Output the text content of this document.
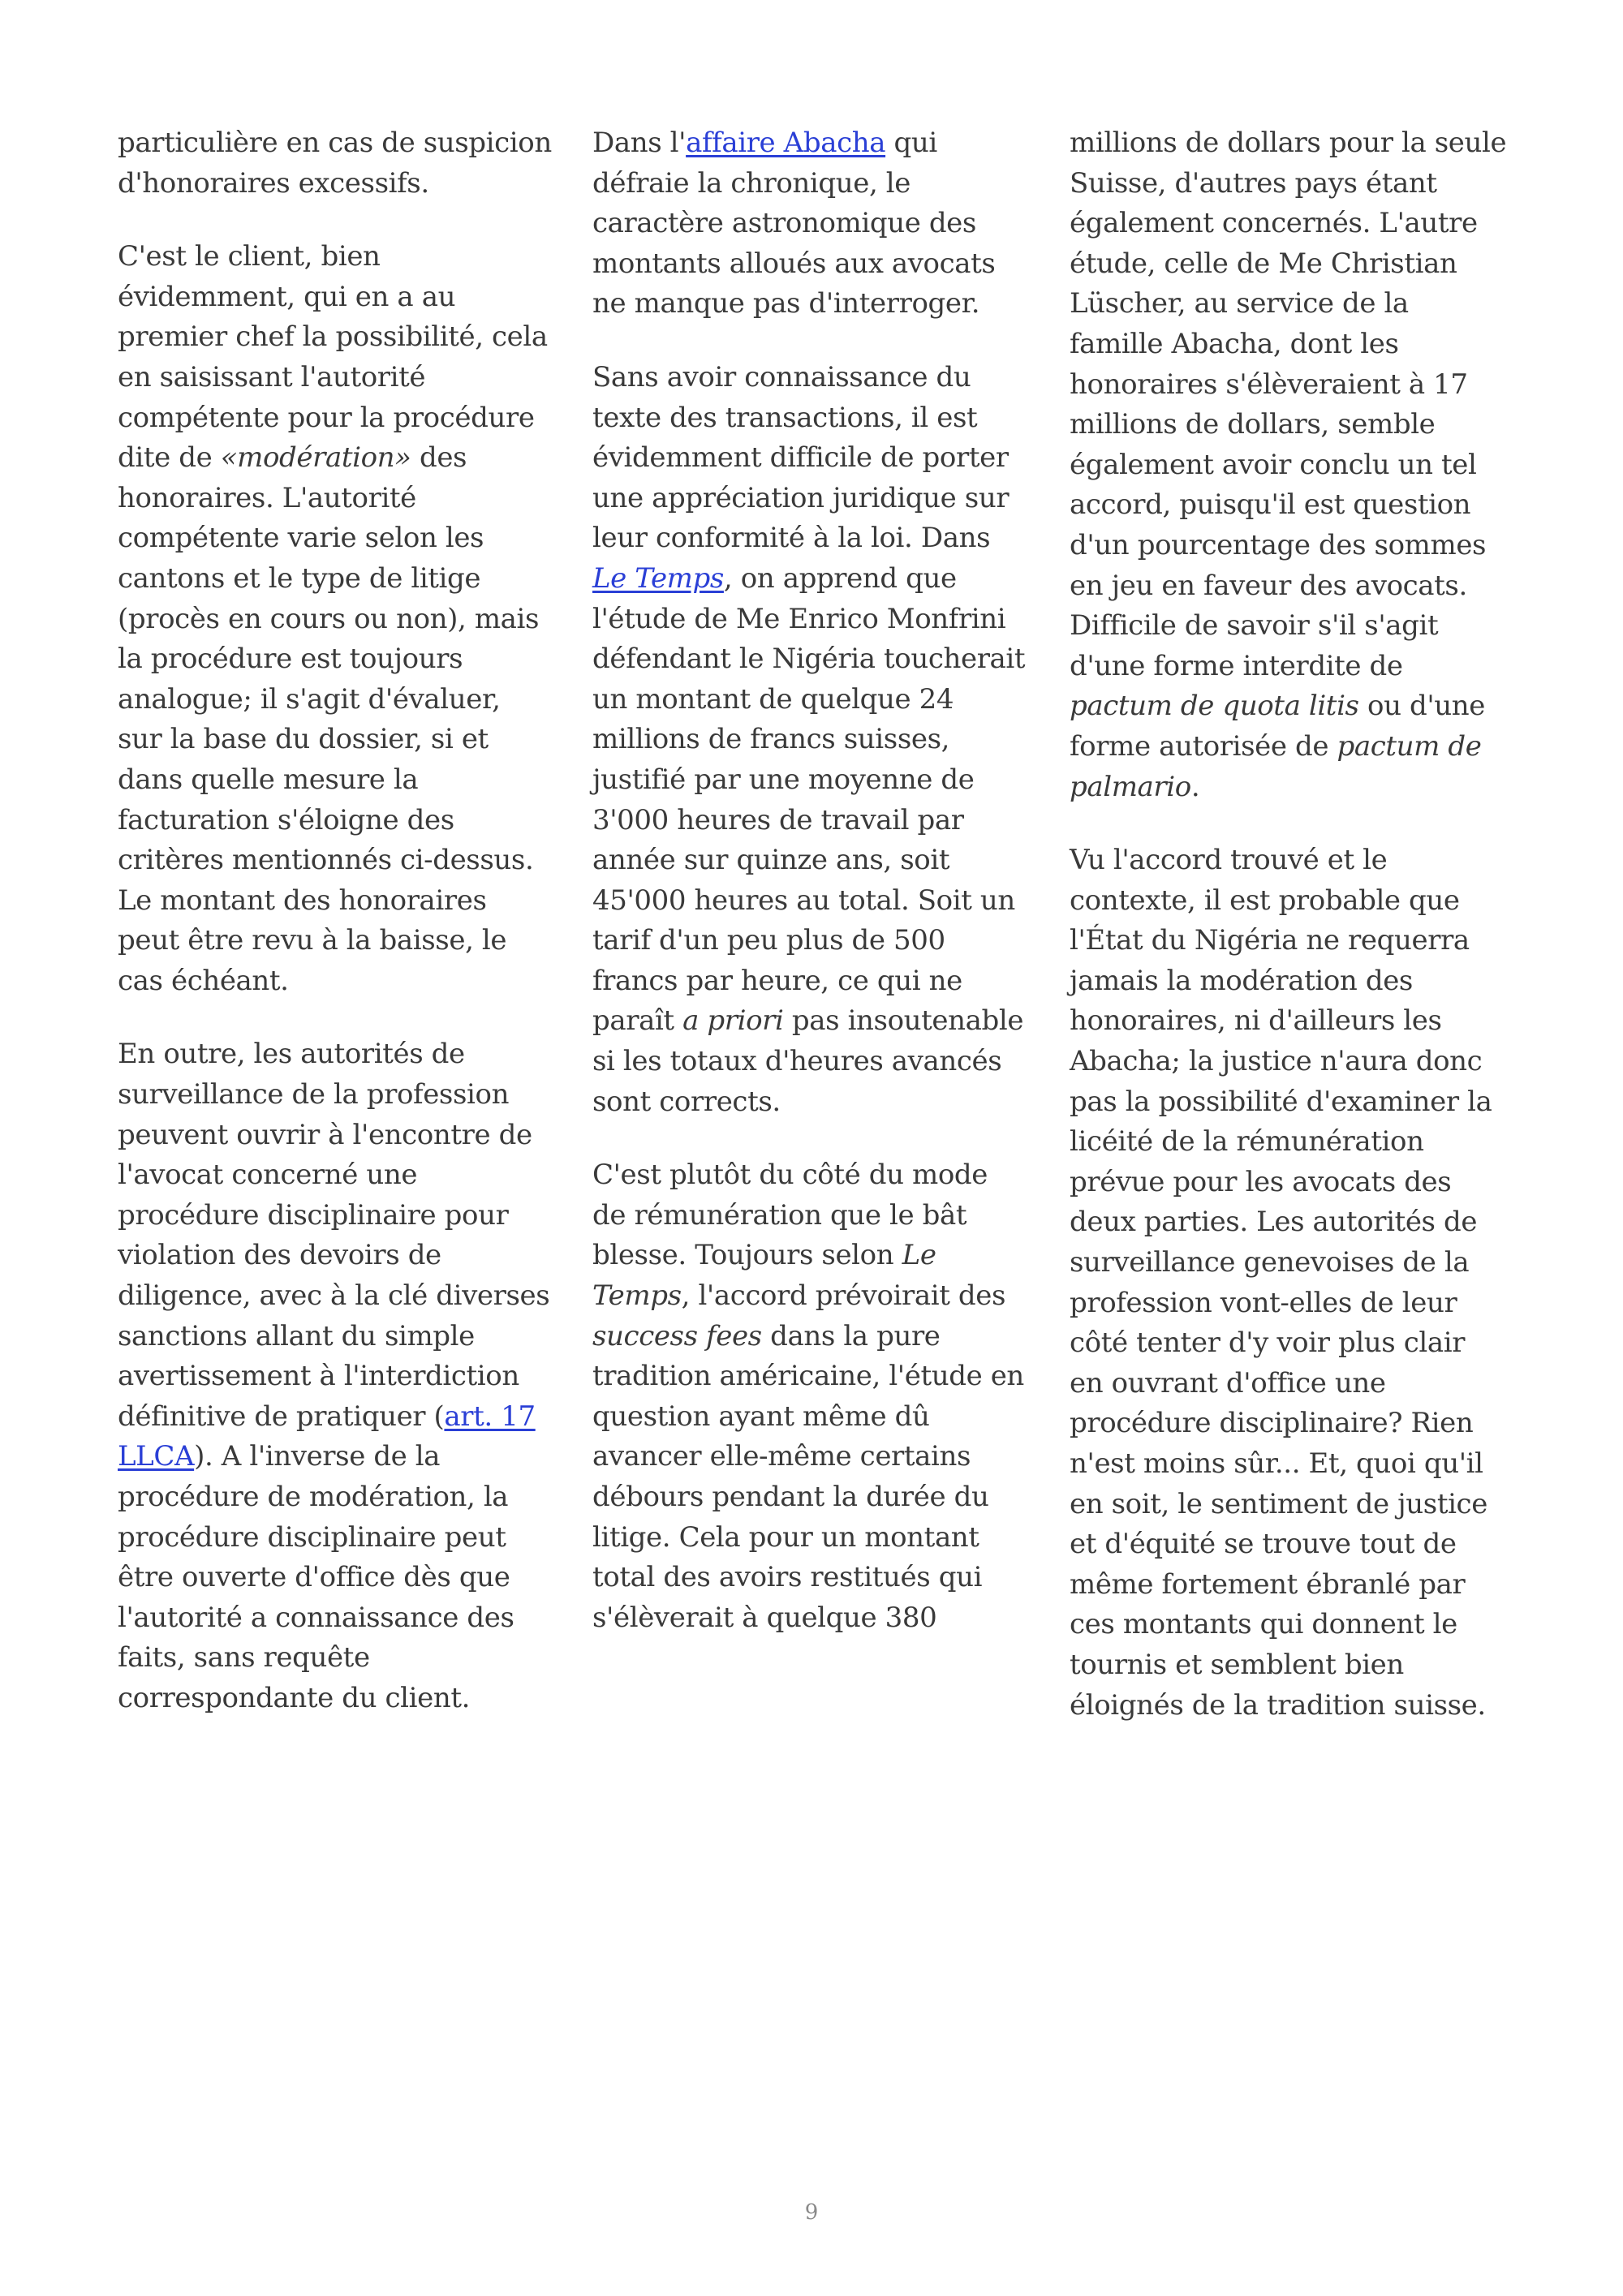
particulière en cas de suspicion
d'honoraires excessifs.

C'est le client, bien
évidemment, qui en a au
premier chef la possibilité, cela
en saisissant l'autorité
compétente pour la procédure
dite de «modération» des
honoraires. L'autorité
compétente varie selon les
cantons et le type de litige
(procès en cours ou non), mais
la procédure est toujours
analogue; il s'agit d'évaluer,
sur la base du dossier, si et
dans quelle mesure la
facturation s'éloigne des
critères mentionnés ci-dessus.
Le montant des honoraires
peut être revu à la baisse, le
cas échéant.

En outre, les autorités de
surveillance de la profession
peuvent ouvrir à l'encontre de
l'avocat concerné une
procédure disciplinaire pour
violation des devoirs de
diligence, avec à la clé diverses
sanctions allant du simple
avertissement à l'interdiction
définitive de pratiquer (art. 17
LLCA). A l'inverse de la
procédure de modération, la
procédure disciplinaire peut
être ouverte d'office dès que
l'autorité a connaissance des
faits, sans requête
correspondante du client.

Dans l'affaire Abacha qui
défraie la chronique, le
caractère astronomique des
montants alloués aux avocats
ne manque pas d'interroger.

Sans avoir connaissance du
texte des transactions, il est
évidemment difficile de porter
une appréciation juridique sur
leur conformité à la loi. Dans
Le Temps, on apprend que
l'étude de Me Enrico Monfrini
défendant le Nigéria toucherait
un montant de quelque 24
millions de francs suisses,
justifié par une moyenne de
3'000 heures de travail par
année sur quinze ans, soit
45'000 heures au total. Soit un
tarif d'un peu plus de 500
francs par heure, ce qui ne
paraît a priori pas insoutenable
si les totaux d'heures avancés
sont corrects.

C'est plutôt du côté du mode
de rémunération que le bât
blesse. Toujours selon Le
Temps, l'accord prévoirait des
success fees dans la pure
tradition américaine, l'étude en
question ayant même dû
avancer elle-même certains
débours pendant la durée du
litige. Cela pour un montant
total des avoirs restitués qui
s'élèverait à quelque 380

millions de dollars pour la seule
Suisse, d'autres pays étant
également concernés. L'autre
étude, celle de Me Christian
Lüscher, au service de la
famille Abacha, dont les
honoraires s'élèveraient à 17
millions de dollars, semble
également avoir conclu un tel
accord, puisqu'il est question
d'un pourcentage des sommes
en jeu en faveur des avocats.
Difficile de savoir s'il s'agit
d'une forme interdite de
pactum de quota litis ou d'une
forme autorisée de pactum de
palmario.

Vu l'accord trouvé et le
contexte, il est probable que
l'État du Nigéria ne requerra
jamais la modération des
honoraires, ni d'ailleurs les
Abacha; la justice n'aura donc
pas la possibilité d'examiner la
licéité de la rémunération
prévue pour les avocats des
deux parties. Les autorités de
surveillance genevoises de la
profession vont-elles de leur
côté tenter d'y voir plus clair
en ouvrant d'office une
procédure disciplinaire? Rien
n'est moins sûr... Et, quoi qu'il
en soit, le sentiment de justice
et d'équité se trouve tout de
même fortement ébranlé par
ces montants qui donnent le
tournis et semblent bien
éloignés de la tradition suisse.

9
